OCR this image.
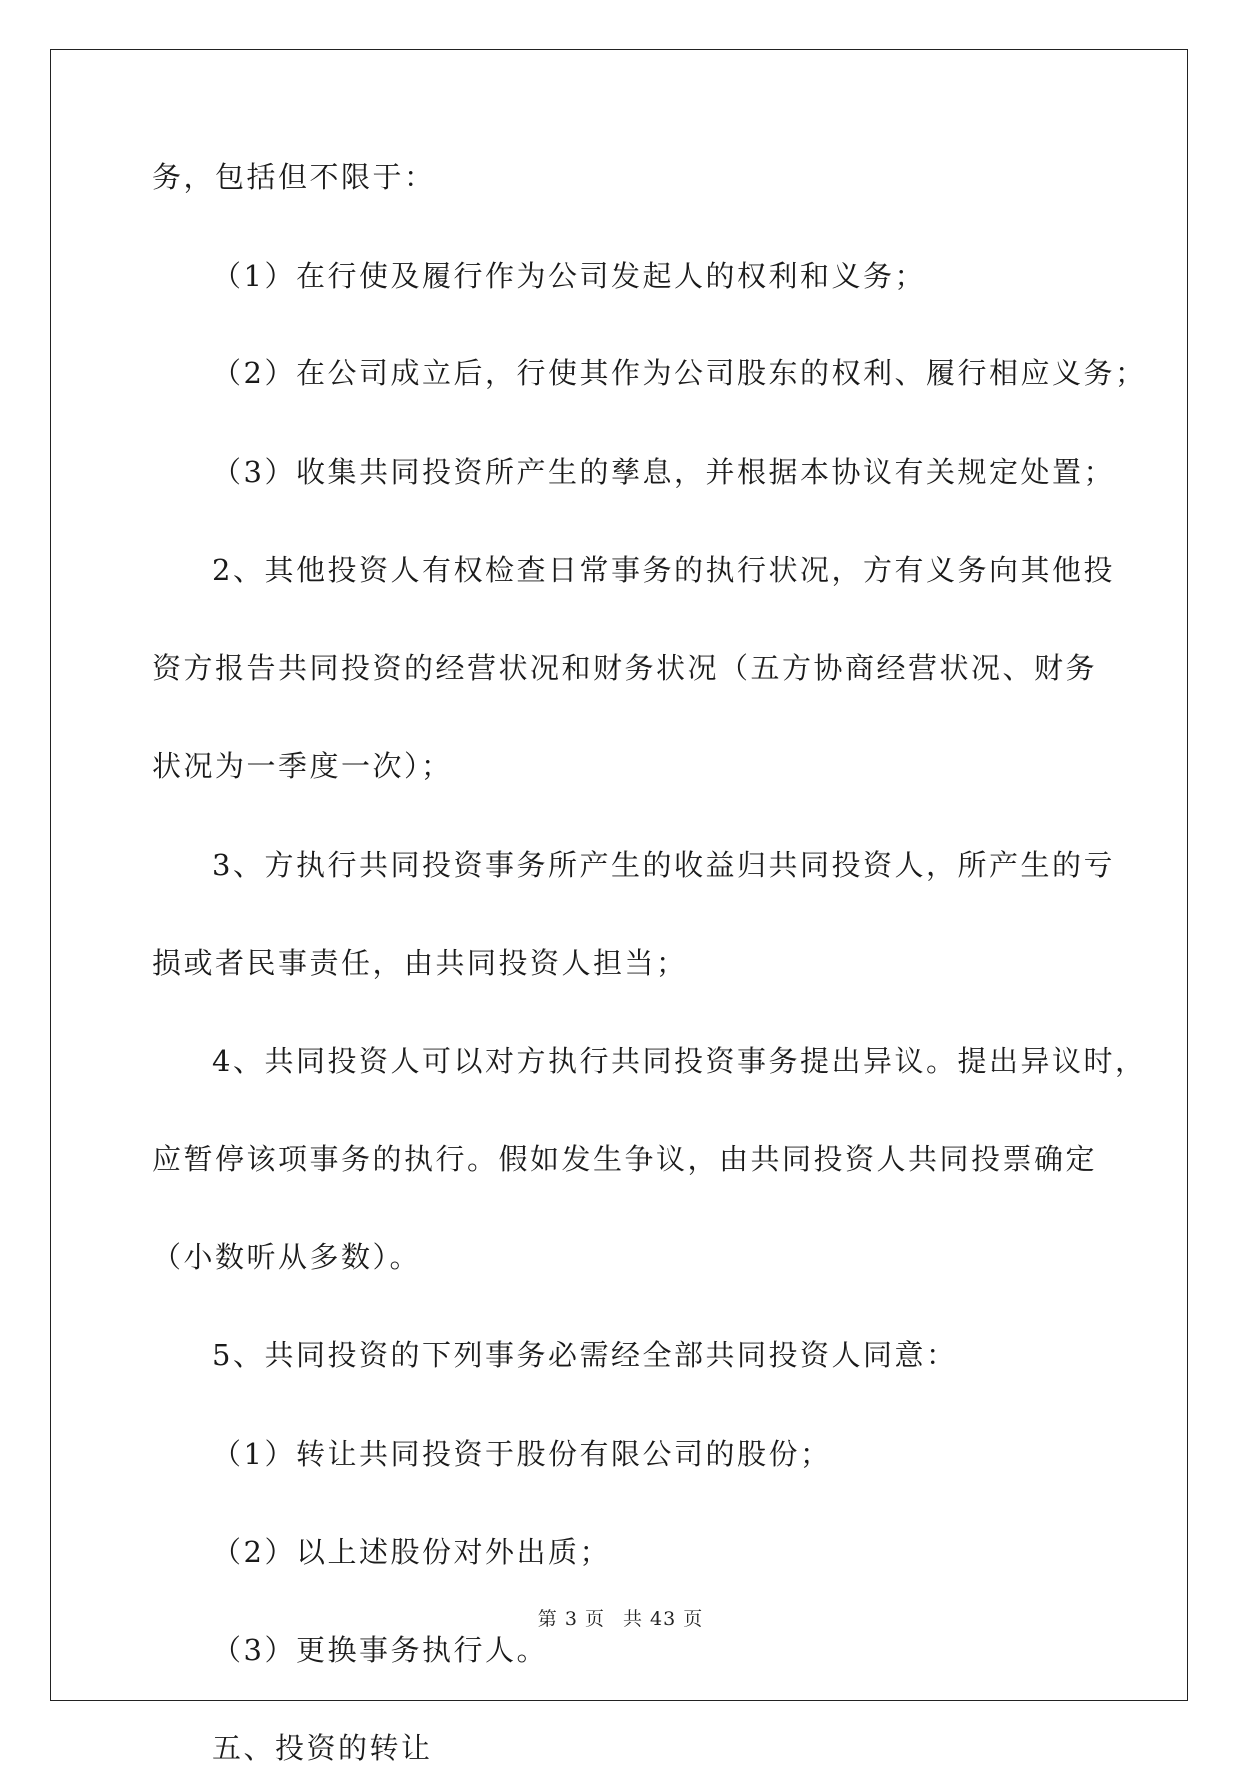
务，包括但不限于：

（1）在行使及履行作为公司发起人的权利和义务；

（2）在公司成立后，行使其作为公司股东的权利、履行相应义务；

（3）收集共同投资所产生的孳息，并根据本协议有关规定处置；

2、其他投资人有权检查日常事务的执行状况，方有义务向其他投

资方报告共同投资的经营状况和财务状况（五方协商经营状况、财务

状况为一季度一次）；

3、方执行共同投资事务所产生的收益归共同投资人，所产生的亏

损或者民事责任，由共同投资人担当；

4、共同投资人可以对方执行共同投资事务提出异议。提出异议时，

应暂停该项事务的执行。假如发生争议，由共同投资人共同投票确定

（小数听从多数）。

5、共同投资的下列事务必需经全部共同投资人同意：

（1）转让共同投资于股份有限公司的股份；

（2）以上述股份对外出质；

（3）更换事务执行人。

五、投资的转让

第 3 页 共 43 页
